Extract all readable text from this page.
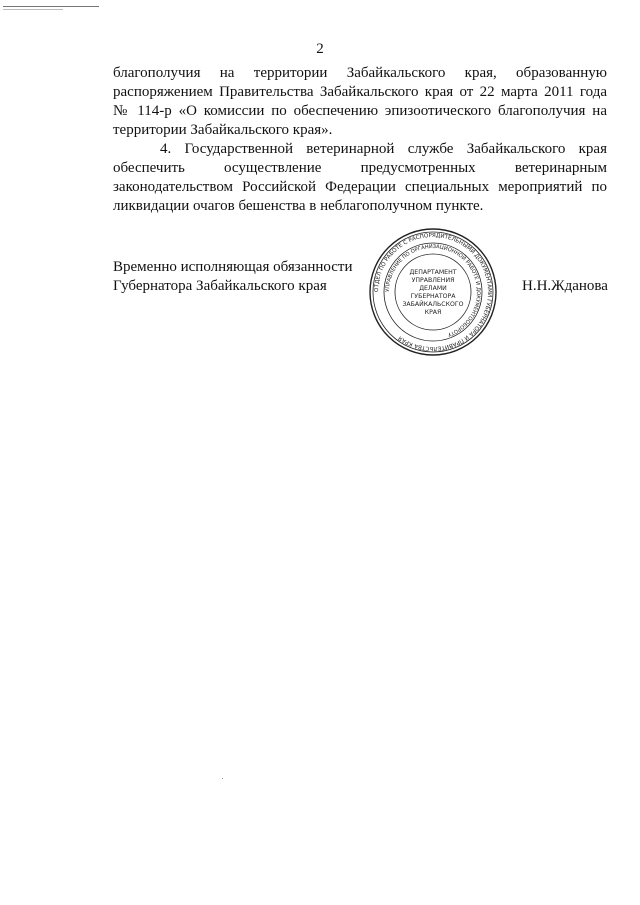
2

благополучия на территории Забайкальского края, образованную

распоряжением Правительства Забайкальского края от 22 марта 2011 года

№ 114-р «О комиссии по обеспечению эпизоотического благополучия на

территории Забайкальского края».

4. Государственной ветеринарной службе Забайкальского края

обеспечить осуществление предусмотренных ветеринарным

законодательством Российской Федерации специальных мероприятий по

ликвидации очагов бешенства в неблагополучном пункте.

Временно исполняющая обязанности
Губернатора Забайкальского края	ОТДЕЛ ПО РАБОТЕ С РАСПОРЯДИТЕЛЬНЫМИ ДОКУМЕНТАМИ ГУБЕРНАТОРА И ПРАВИТЕЛЬСТВА КРАЯ
УПРАВЛЕНИЕ ПО ОРГАНИЗАЦИОННОЙ РАБОТЕ И ДОКУМЕНТООБОРОТУ
ДЕПАРТАМЕНТ
УПРАВЛЕНИЯ
ДЕЛАМИ
ГУБЕРНАТОРА
ЗАБАЙКАЛЬСКОГО
КРАЯ
Н.Н.Жданова
